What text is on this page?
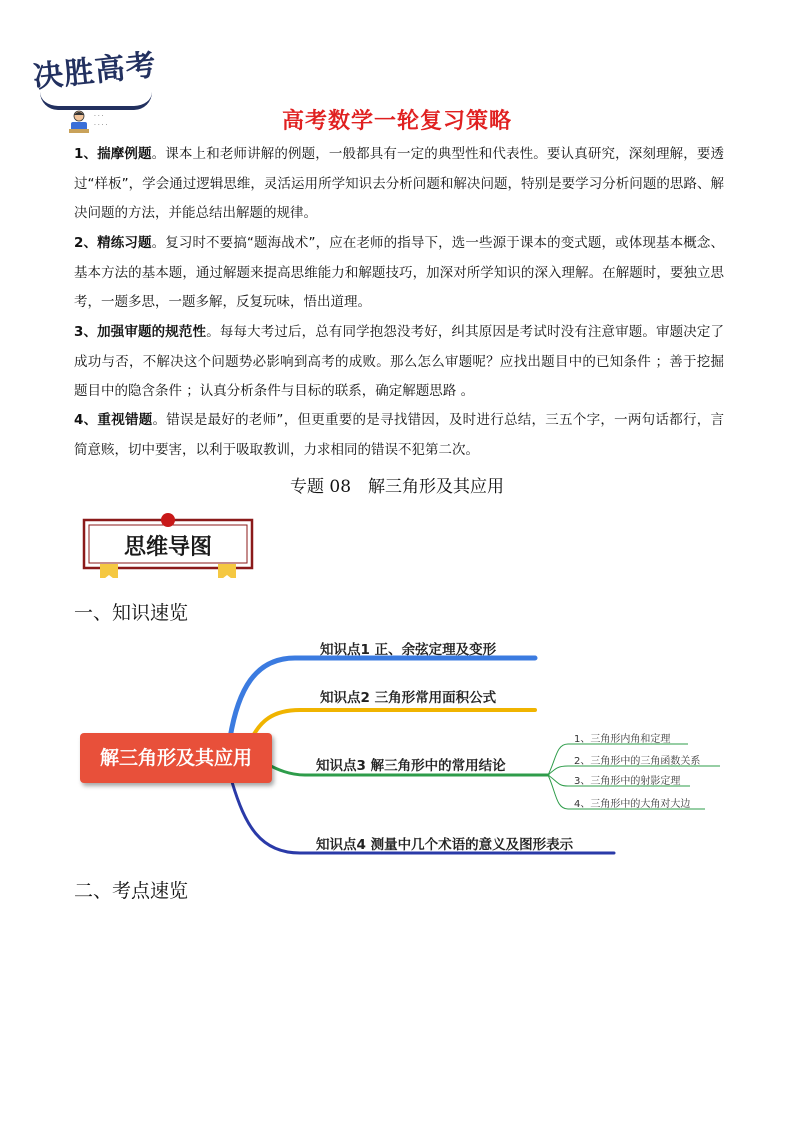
决胜高考
· · ·
· · · ·	高考数学一轮复习策略
1、揣摩例题。课本上和老师讲解的例题，一般都具有一定的典型性和代表性。要认真研究，深刻理解，要透过“样板”，学会通过逻辑思维，灵活运用所学知识去分析问题和解决问题，特别是要学习分析问题的思路、解决问题的方法，并能总结出解题的规律。
2、精练习题。复习时不要搞“题海战术”，应在老师的指导下，选一些源于课本的变式题，或体现基本概念、基本方法的基本题，通过解题来提高思维能力和解题技巧，加深对所学知识的深入理解。在解题时，要独立思考，一题多思，一题多解，反复玩味，悟出道理。
3、加强审题的规范性。每每大考过后，总有同学抱怨没考好，纠其原因是考试时没有注意审题。审题决定了成功与否，不解决这个问题势必影响到高考的成败。那么怎么审题呢？应找出题目中的已知条件 ；善于挖掘题目中的隐含条件 ；认真分析条件与目标的联系，确定解题思路 。
4、重视错题。错误是最好的老师”，但更重要的是寻找错因，及时进行总结，三五个字，一两句话都行，言简意赅，切中要害，以利于吸取教训，力求相同的错误不犯第二次。
专题 08　解三角形及其应用
思维导图
一、知识速览
二、考点速览
解三角形及其应用
知识点1 正、余弦定理及变形
知识点2 三角形常用面积公式
知识点3 解三角形中的常用结论
知识点4 测量中几个术语的意义及图形表示
1、三角形内角和定理
2、三角形中的三角函数关系
3、三角形中的射影定理
4、三角形中的大角对大边
